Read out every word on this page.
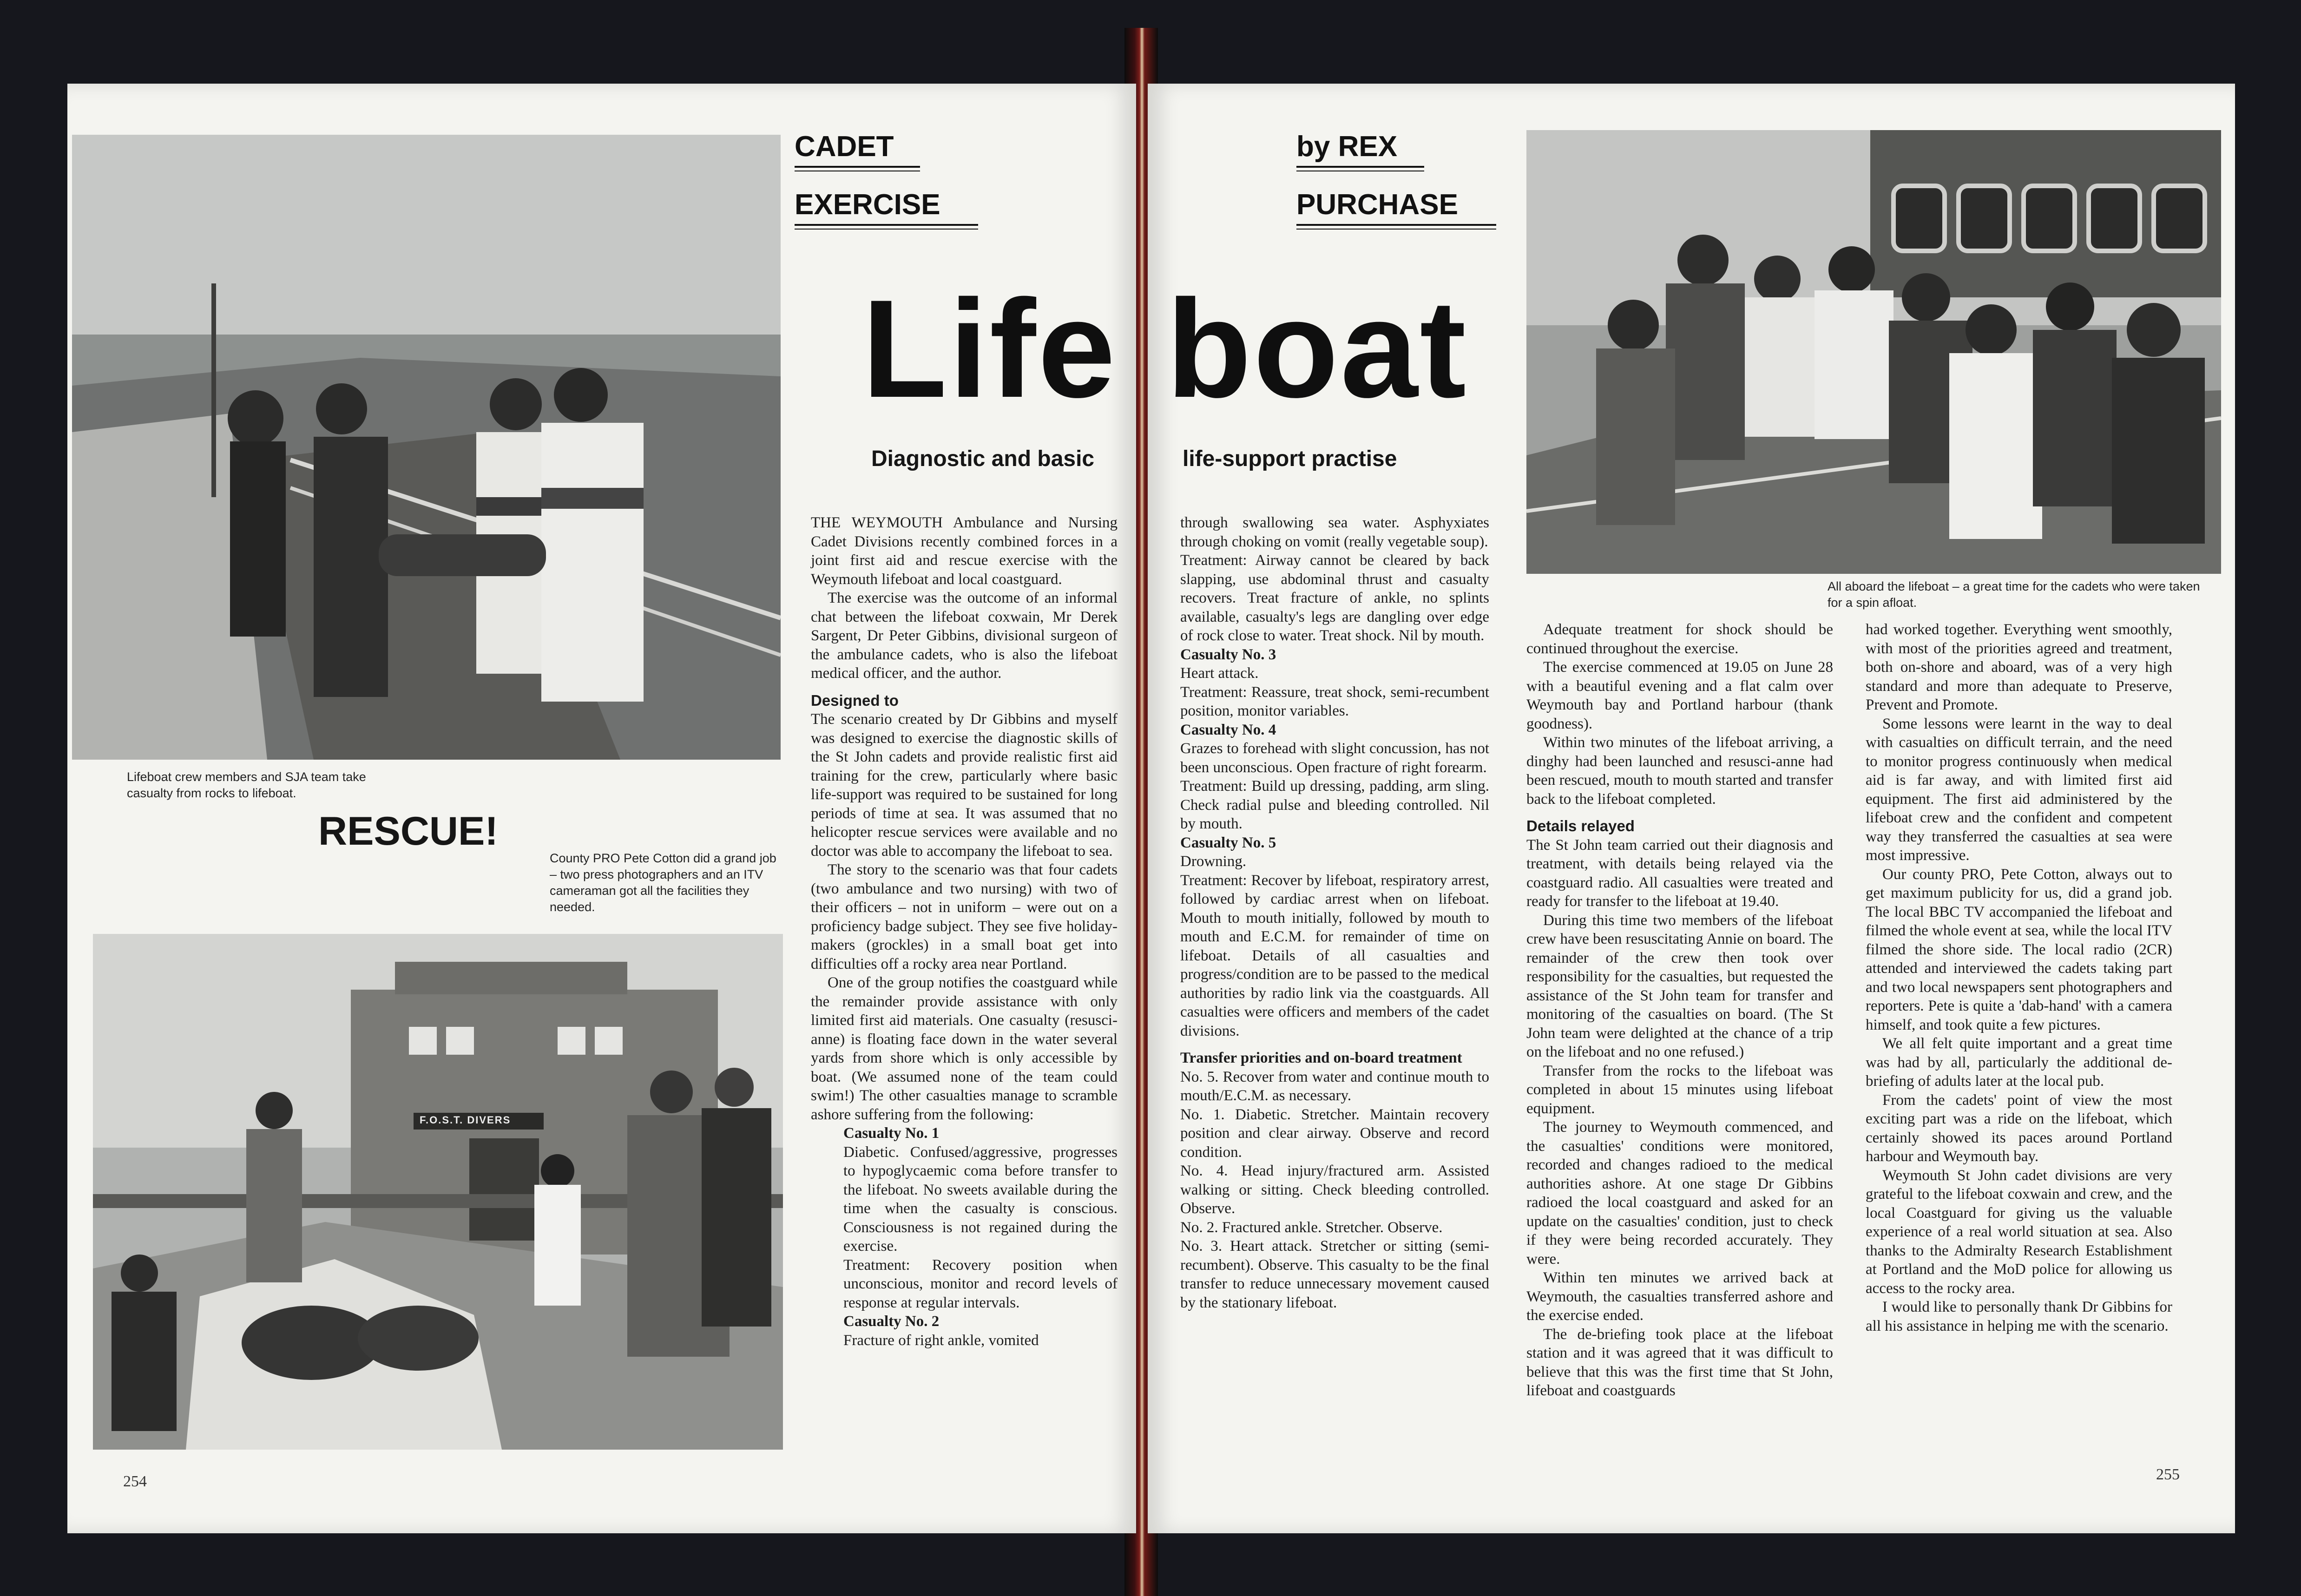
Lifeboat crew members and SJA team take casualty from rocks to lifeboat.
RESCUE!
County PRO Pete Cotton did a grand job – two press photographers and an ITV cameraman got all the facilities they needed.
F.O.S.T. DIVERS
CADET
EXERCISE
Life
Diagnostic and basic

THE WEYMOUTH Ambulance and Nursing Cadet Divisions recently combined forces in a joint first aid and rescue exercise with the Weymouth lifeboat and local coastguard.

The exercise was the outcome of an informal chat between the lifeboat coxwain, Mr Derek Sargent, Dr Peter Gibbins, divisional surgeon of the ambulance cadets, who is also the lifeboat medical officer, and the author.

Designed to

The scenario created by Dr Gibbins and myself was designed to exercise the diagnostic skills of the St John cadets and provide realistic first aid training for the crew, particularly where basic life-support was required to be sustained for long periods of time at sea. It was assumed that no helicopter rescue services were available and no doctor was able to accompany the lifeboat to sea.

The story to the scenario was that four cadets (two ambulance and two nursing) with two of their officers – not in uniform – were out on a proficiency badge subject. They see five holiday-makers (grockles) in a small boat get into difficulties off a rocky area near Portland.

One of the group notifies the coastguard while the remainder provide assistance with only limited first aid materials. One casualty (resusci-anne) is floating face down in the water several yards from shore which is only accessible by boat. (We assumed none of the team could swim!) The other casualties manage to scramble ashore suffering from the following:

Casualty No. 1

Diabetic. Confused/aggressive, progresses to hypoglycaemic coma before transfer to the lifeboat. No sweets available during the time when the casualty is conscious. Consciousness is not regained during the exercise.

Treatment: Recovery position when unconscious, monitor and record levels of response at regular intervals.

Casualty No. 2

Fracture of right ankle, vomited

254
by REX
PURCHASE
boat
life-support practise
All aboard the lifeboat – a great time for the cadets who were taken for a spin afloat.

through swallowing sea water. Asphyxiates through choking on vomit (really vegetable soup).

Treatment: Airway cannot be cleared by back slapping, use abdominal thrust and casualty recovers. Treat fracture of ankle, no splints available, casualty's legs are dangling over edge of rock close to water. Treat shock. Nil by mouth.

Casualty No. 3

Heart attack.

Treatment: Reassure, treat shock, semi-recumbent position, monitor variables.

Casualty No. 4

Grazes to forehead with slight concussion, has not been unconscious. Open fracture of right forearm.

Treatment: Build up dressing, padding, arm sling. Check radial pulse and bleeding controlled. Nil by mouth.

Casualty No. 5

Drowning.

Treatment: Recover by lifeboat, respiratory arrest, followed by cardiac arrest when on lifeboat. Mouth to mouth initially, followed by mouth to mouth and E.C.M. for remainder of time on lifeboat. Details of all casualties and progress/condition are to be passed to the medical authorities by radio link via the coastguards. All casualties were officers and members of the cadet divisions.

Transfer priorities and on-board treatment

No. 5. Recover from water and continue mouth to mouth/E.C.M. as necessary.

No. 1. Diabetic. Stretcher. Maintain recovery position and clear airway. Observe and record condition.

No. 4. Head injury/fractured arm. Assisted walking or sitting. Check bleeding controlled. Observe.

No. 2. Fractured ankle. Stretcher. Observe.

No. 3. Heart attack. Stretcher or sitting (semi-recumbent). Observe. This casualty to be the final transfer to reduce unnecessary movement caused by the stationary lifeboat.

Adequate treatment for shock should be continued throughout the exercise.

The exercise commenced at 19.05 on June 28 with a beautiful evening and a flat calm over Weymouth bay and Portland harbour (thank goodness).

Within two minutes of the lifeboat arriving, a dinghy had been launched and resusci-anne had been rescued, mouth to mouth started and transfer back to the lifeboat completed.

Details relayed

The St John team carried out their diagnosis and treatment, with details being relayed via the coastguard radio. All casualties were treated and ready for transfer to the lifeboat at 19.40.

During this time two members of the lifeboat crew have been resuscitating Annie on board. The remainder of the crew then took over responsibility for the casualties, but requested the assistance of the St John team for transfer and monitoring of the casualties on board. (The St John team were delighted at the chance of a trip on the lifeboat and no one refused.)

Transfer from the rocks to the lifeboat was completed in about 15 minutes using lifeboat equipment.

The journey to Weymouth commenced, and the casualties' conditions were monitored, recorded and changes radioed to the medical authorities ashore. At one stage Dr Gibbins radioed the local coastguard and asked for an update on the casualties' condition, just to check if they were being recorded accurately. They were.

Within ten minutes we arrived back at Weymouth, the casualties transferred ashore and the exercise ended.

The de-briefing took place at the lifeboat station and it was agreed that it was difficult to believe that this was the first time that St John, lifeboat and coastguards

had worked together. Everything went smoothly, with most of the priorities agreed and treatment, both on-shore and aboard, was of a very high standard and more than adequate to Preserve, Prevent and Promote.

Some lessons were learnt in the way to deal with casualties on difficult terrain, and the need to monitor progress continuously when medical aid is far away, and with limited first aid equipment. The first aid administered by the lifeboat crew and the confident and competent way they transferred the casualties at sea were most impressive.

Our county PRO, Pete Cotton, always out to get maximum publicity for us, did a grand job. The local BBC TV accompanied the lifeboat and filmed the whole event at sea, while the local ITV filmed the shore side. The local radio (2CR) attended and interviewed the cadets taking part and two local newspapers sent photographers and reporters. Pete is quite a 'dab-hand' with a camera himself, and took quite a few pictures.

We all felt quite important and a great time was had by all, particularly the additional de-briefing of adults later at the local pub.

From the cadets' point of view the most exciting part was a ride on the lifeboat, which certainly showed its paces around Portland harbour and Weymouth bay.

Weymouth St John cadet divisions are very grateful to the lifeboat coxwain and crew, and the local Coastguard for giving us the valuable experience of a real world situation at sea. Also thanks to the Admiralty Research Establishment at Portland and the MoD police for allowing us access to the rocky area.

I would like to personally thank Dr Gibbins for all his assistance in helping me with the scenario.

255
